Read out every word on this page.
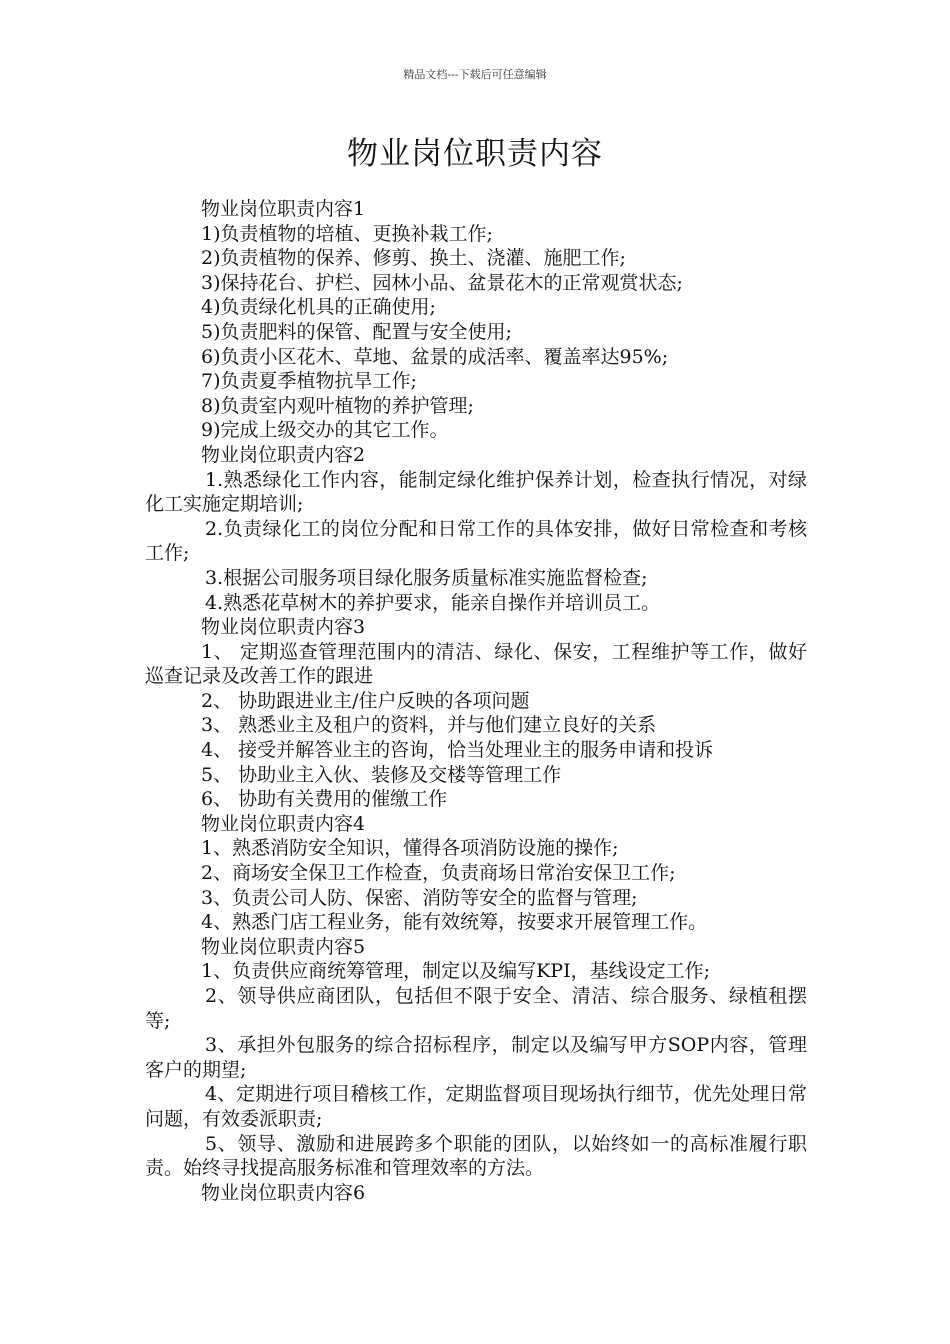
精品文档---下载后可任意编辑
物业岗位职责内容

物业岗位职责内容1

1)负责植物的培植、更换补栽工作;

2)负责植物的保养、修剪、换土、浇灌、施肥工作;

3)保持花台、护栏、园林小品、盆景花木的正常观赏状态;

4)负责绿化机具的正确使用;

5)负责肥料的保管、配置与安全使用;

6)负责小区花木、草地、盆景的成活率、覆盖率达95%;

7)负责夏季植物抗旱工作;

8)负责室内观叶植物的养护管理;

9)完成上级交办的其它工作。

物业岗位职责内容2

1.熟悉绿化工作内容，能制定绿化维护保养计划，检查执行情况，对绿化工实施定期培训;

2.负责绿化工的岗位分配和日常工作的具体安排，做好日常检查和考核工作;

3.根据公司服务项目绿化服务质量标准实施监督检查;

4.熟悉花草树木的养护要求，能亲自操作并培训员工。

物业岗位职责内容3

1、 定期巡查管理范围内的清洁、绿化、保安，工程维护等工作，做好巡查记录及改善工作的跟进

2、 协助跟进业主/住户反映的各项问题

3、 熟悉业主及租户的资料，并与他们建立良好的关系

4、 接受并解答业主的咨询，恰当处理业主的服务申请和投诉

5、 协助业主入伙、装修及交楼等管理工作

6、 协助有关费用的催缴工作

物业岗位职责内容4

1、熟悉消防安全知识，懂得各项消防设施的操作;

2、商场安全保卫工作检查，负责商场日常治安保卫工作;

3、负责公司人防、保密、消防等安全的监督与管理;

4、熟悉门店工程业务，能有效统筹，按要求开展管理工作。

物业岗位职责内容5

1、负责供应商统筹管理，制定以及编写KPI，基线设定工作;

2、领导供应商团队，包括但不限于安全、清洁、综合服务、绿植租摆等;

3、承担外包服务的综合招标程序，制定以及编写甲方SOP内容，管理客户的期望;

4、定期进行项目稽核工作，定期监督项目现场执行细节，优先处理日常问题，有效委派职责;

5、领导、激励和进展跨多个职能的团队，以始终如一的高标准履行职责。始终寻找提高服务标准和管理效率的方法。

物业岗位职责内容6
